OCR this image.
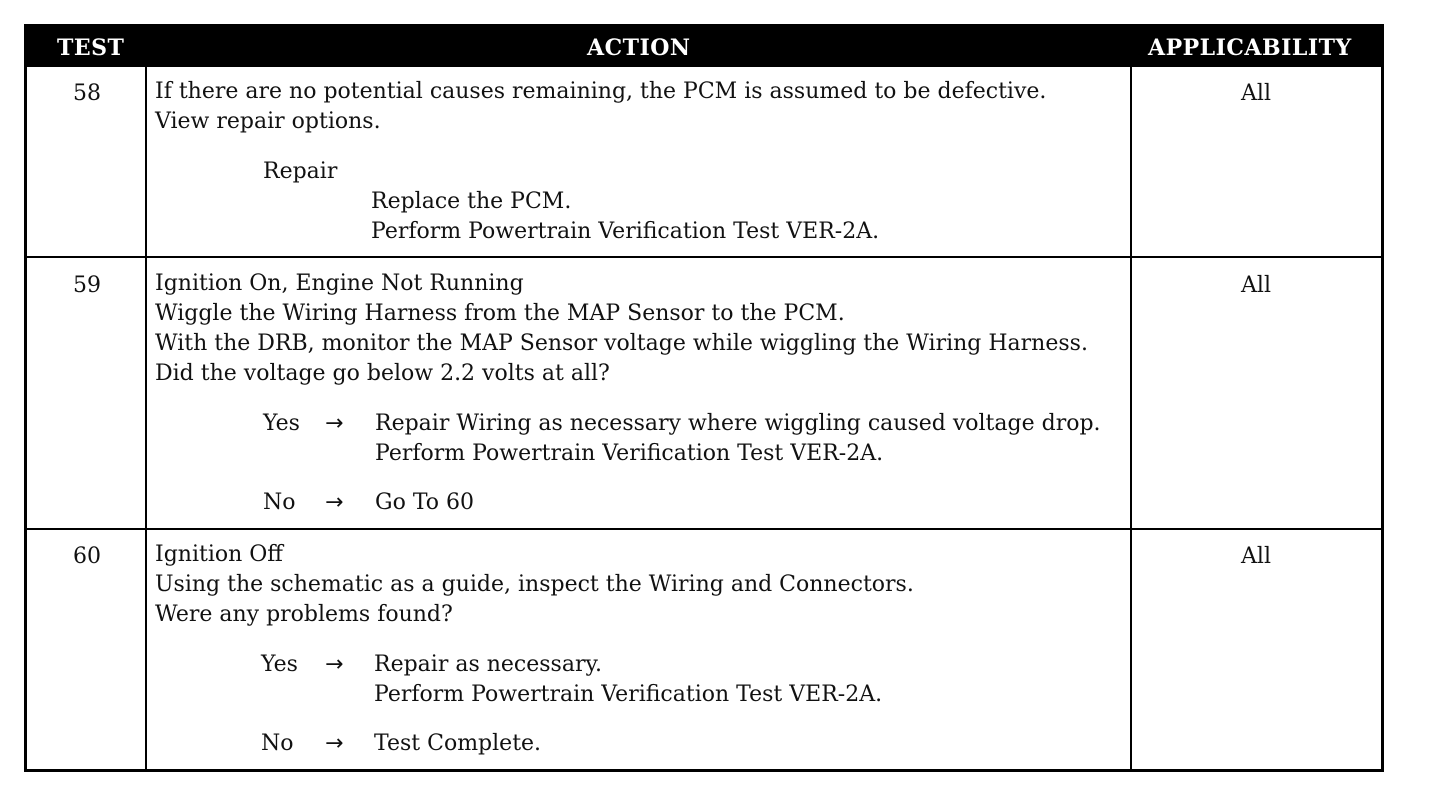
TEST	ACTION	APPLICABILITY
58	If there are no potential causes remaining, the PCM is assumed to be defective.
View repair options.
Repair
Replace the PCM.
Perform Powertrain Verification Test VER-2A.
All
59	Ignition On, Engine Not Running
Wiggle the Wiring Harness from the MAP Sensor to the PCM.
With the DRB, monitor the MAP Sensor voltage while wiggling the Wiring Harness.
Did the voltage go below 2.2 volts at all?
Yes → Repair Wiring as necessary where wiggling caused voltage drop.
Perform Powertrain Verification Test VER-2A.
No → Go To 60
All
60	Ignition Off
Using the schematic as a guide, inspect the Wiring and Connectors.
Were any problems found?
Yes → Repair as necessary.
Perform Powertrain Verification Test VER-2A.
No → Test Complete.
All
